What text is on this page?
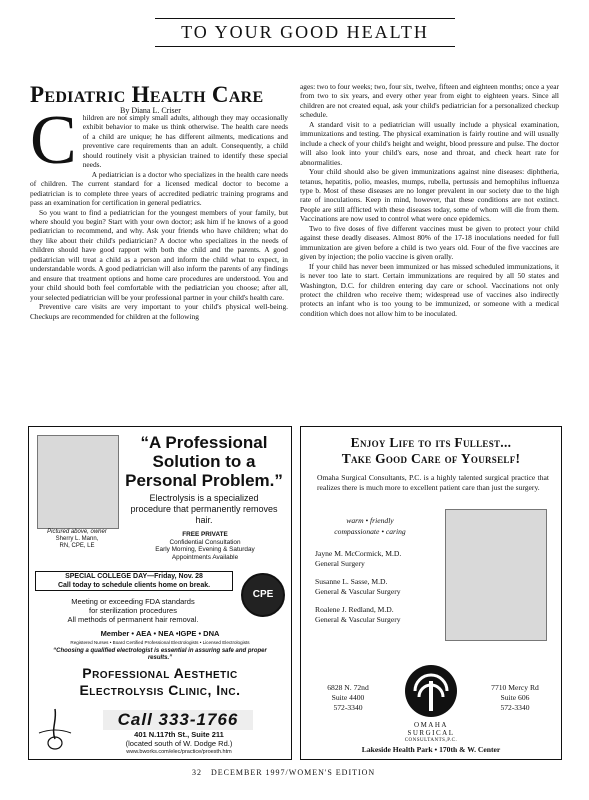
TO YOUR GOOD HEALTH
Pediatric Health Care
By Diana L. Criser
C hildren are not simply small adults, although they may occasionally exhibit behavior to make us think otherwise. The health care needs of a child are unique; he has different ailments, medications and preventive care requirements than an adult. Consequently, a child should routinely visit a physician trained to identify these special needs.

A pediatrician is a doctor who specializes in the health care needs of children. The current standard for a licensed medical doctor to become a pediatrician is to complete three years of accredited pediatric training programs and pass an examination for certification in general pediatrics.

So you want to find a pediatrician for the youngest members of your family, but where should you begin? Start with your own doctor; ask him if he knows of a good pediatrician to recommend, and why. Ask your friends who have children; what do they like about their child's pediatrician? A doctor who specializes in the needs of children should have good rapport with both the child and the parents. A good pediatrician will treat a child as a person and inform the child what to expect, in understandable words. A good pediatrician will also inform the parents of any findings and ensure that treatment options and home care procedures are understood. You and your child should both feel comfortable with the pediatrician you choose; after all, your selected pediatrician will be your professional partner in your child's health care.

Preventive care visits are very important to your child's physical well-being. Checkups are recommended for children at the following

ages: two to four weeks; two, four six, twelve, fifteen and eighteen months; once a year from two to six years, and every other year from eight to eighteen years. Since all children are not created equal, ask your child's pediatrician for a personalized checkup schedule.

A standard visit to a pediatrician will usually include a physical examination, immunizations and testing. The physical examination is fairly routine and will usually include a check of your child's height and weight, blood pressure and pulse. The doctor will also look into your child's ears, nose and throat, and check heart rate for abnormalities.

Your child should also be given immunizations against nine diseases: diphtheria, tetanus, hepatitis, polio, measles, mumps, rubella, pertussis and hemophilus influenza type b. Most of these diseases are no longer prevalent in our society due to the high rate of inoculations. Keep in mind, however, that these conditions are not extinct. People are still afflicted with these diseases today, some of whom will die from them. Vaccinations are now used to control what were once epidemics.

Two to five doses of five different vaccines must be given to protect your child against these deadly diseases. Almost 80% of the 17-18 inoculations needed for full immunization are given before a child is two years old. Four of the five vaccines are given by injection; the polio vaccine is given orally.

If your child has never been immunized or has missed scheduled immunizations, it is never too late to start. Certain immunizations are required by all 50 states and Washington, D.C. for children entering day care or school. Vaccinations not only protect the children who receive them; widespread use of vaccines also indirectly protects an infant who is too young to be immunized, or someone with a medical condition which does not allow him to be inoculated.

Pictured above, owner
Sherry L. Mann,
RN, CPE, LE
“A Professional Solution to a Personal Problem.”
Electrolysis is a specialized procedure that permanently removes hair.
FREE PRIVATE
Confidential Consultation
Early Morning, Evening & Saturday
Appointments Available
SPECIAL COLLEGE DAY—Friday, Nov. 28
Call today to schedule clients home on break.
CPE
Meeting or exceeding FDA standards
for sterilization procedures
All methods of permanent hair removal.
Member • AEA • NEA •IGPE • DNA
Registered Nurses • Board Certified Professional Electrologists • Licensed Electrologists
“Choosing a qualified electrologist is essential in assuring safe and proper results.”
Professional Aesthetic
Electrolysis Clinic, Inc.
Call 333-1766
401 N.117th St., Suite 211
(located south of W. Dodge Rd.)
www.bworks.com/elec/practice/proesth.htm
Enjoy Life to its Fullest...
Take Good Care of Yourself!
Omaha Surgical Consultants, P.C. is a highly talented surgical practice that realizes there is much more to excellent patient care than just the surgery.
warm • friendly
compassionate • caring
Jayne M. McCormick, M.D.
General Surgery
Susanne L. Sasse, M.D.
General & Vascular Surgery
Roalene J. Redland, M.D.
General & Vascular Surgery
6828 N. 72nd
Suite 4400
572-3340
OMAHA
SURGICAL
CONSULTANTS,P.C.
7710 Mercy Rd
Suite 606
572-3340
Lakeside Health Park • 170th & W. Center
32 DECEMBER 1997/WOMEN'S EDITION
